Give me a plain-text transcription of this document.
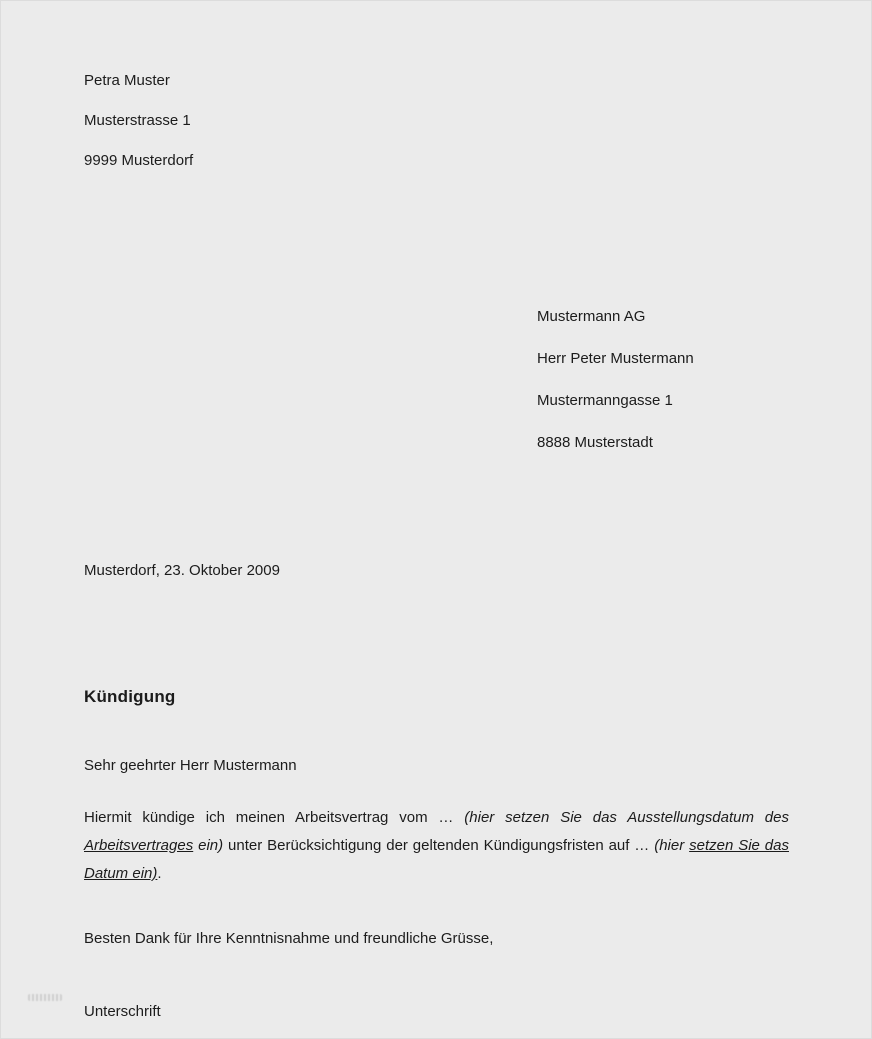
Petra Muster

Musterstrasse 1

9999 Musterdorf

Mustermann AG

Herr Peter Mustermann

Mustermanngasse 1

8888 Musterstadt

Musterdorf, 23. Oktober 2009
Kündigung
Sehr geehrter Herr Mustermann

Hiermit kündige ich meinen Arbeitsvertrag vom … (hier setzen Sie das Ausstellungsdatum des Arbeitsvertrages ein) unter Berücksichtigung der geltenden Kündigungsfristen auf … (hier setzen Sie das Datum ein).

Besten Dank für Ihre Kenntnisnahme und freundliche Grüsse,
Unterschrift
